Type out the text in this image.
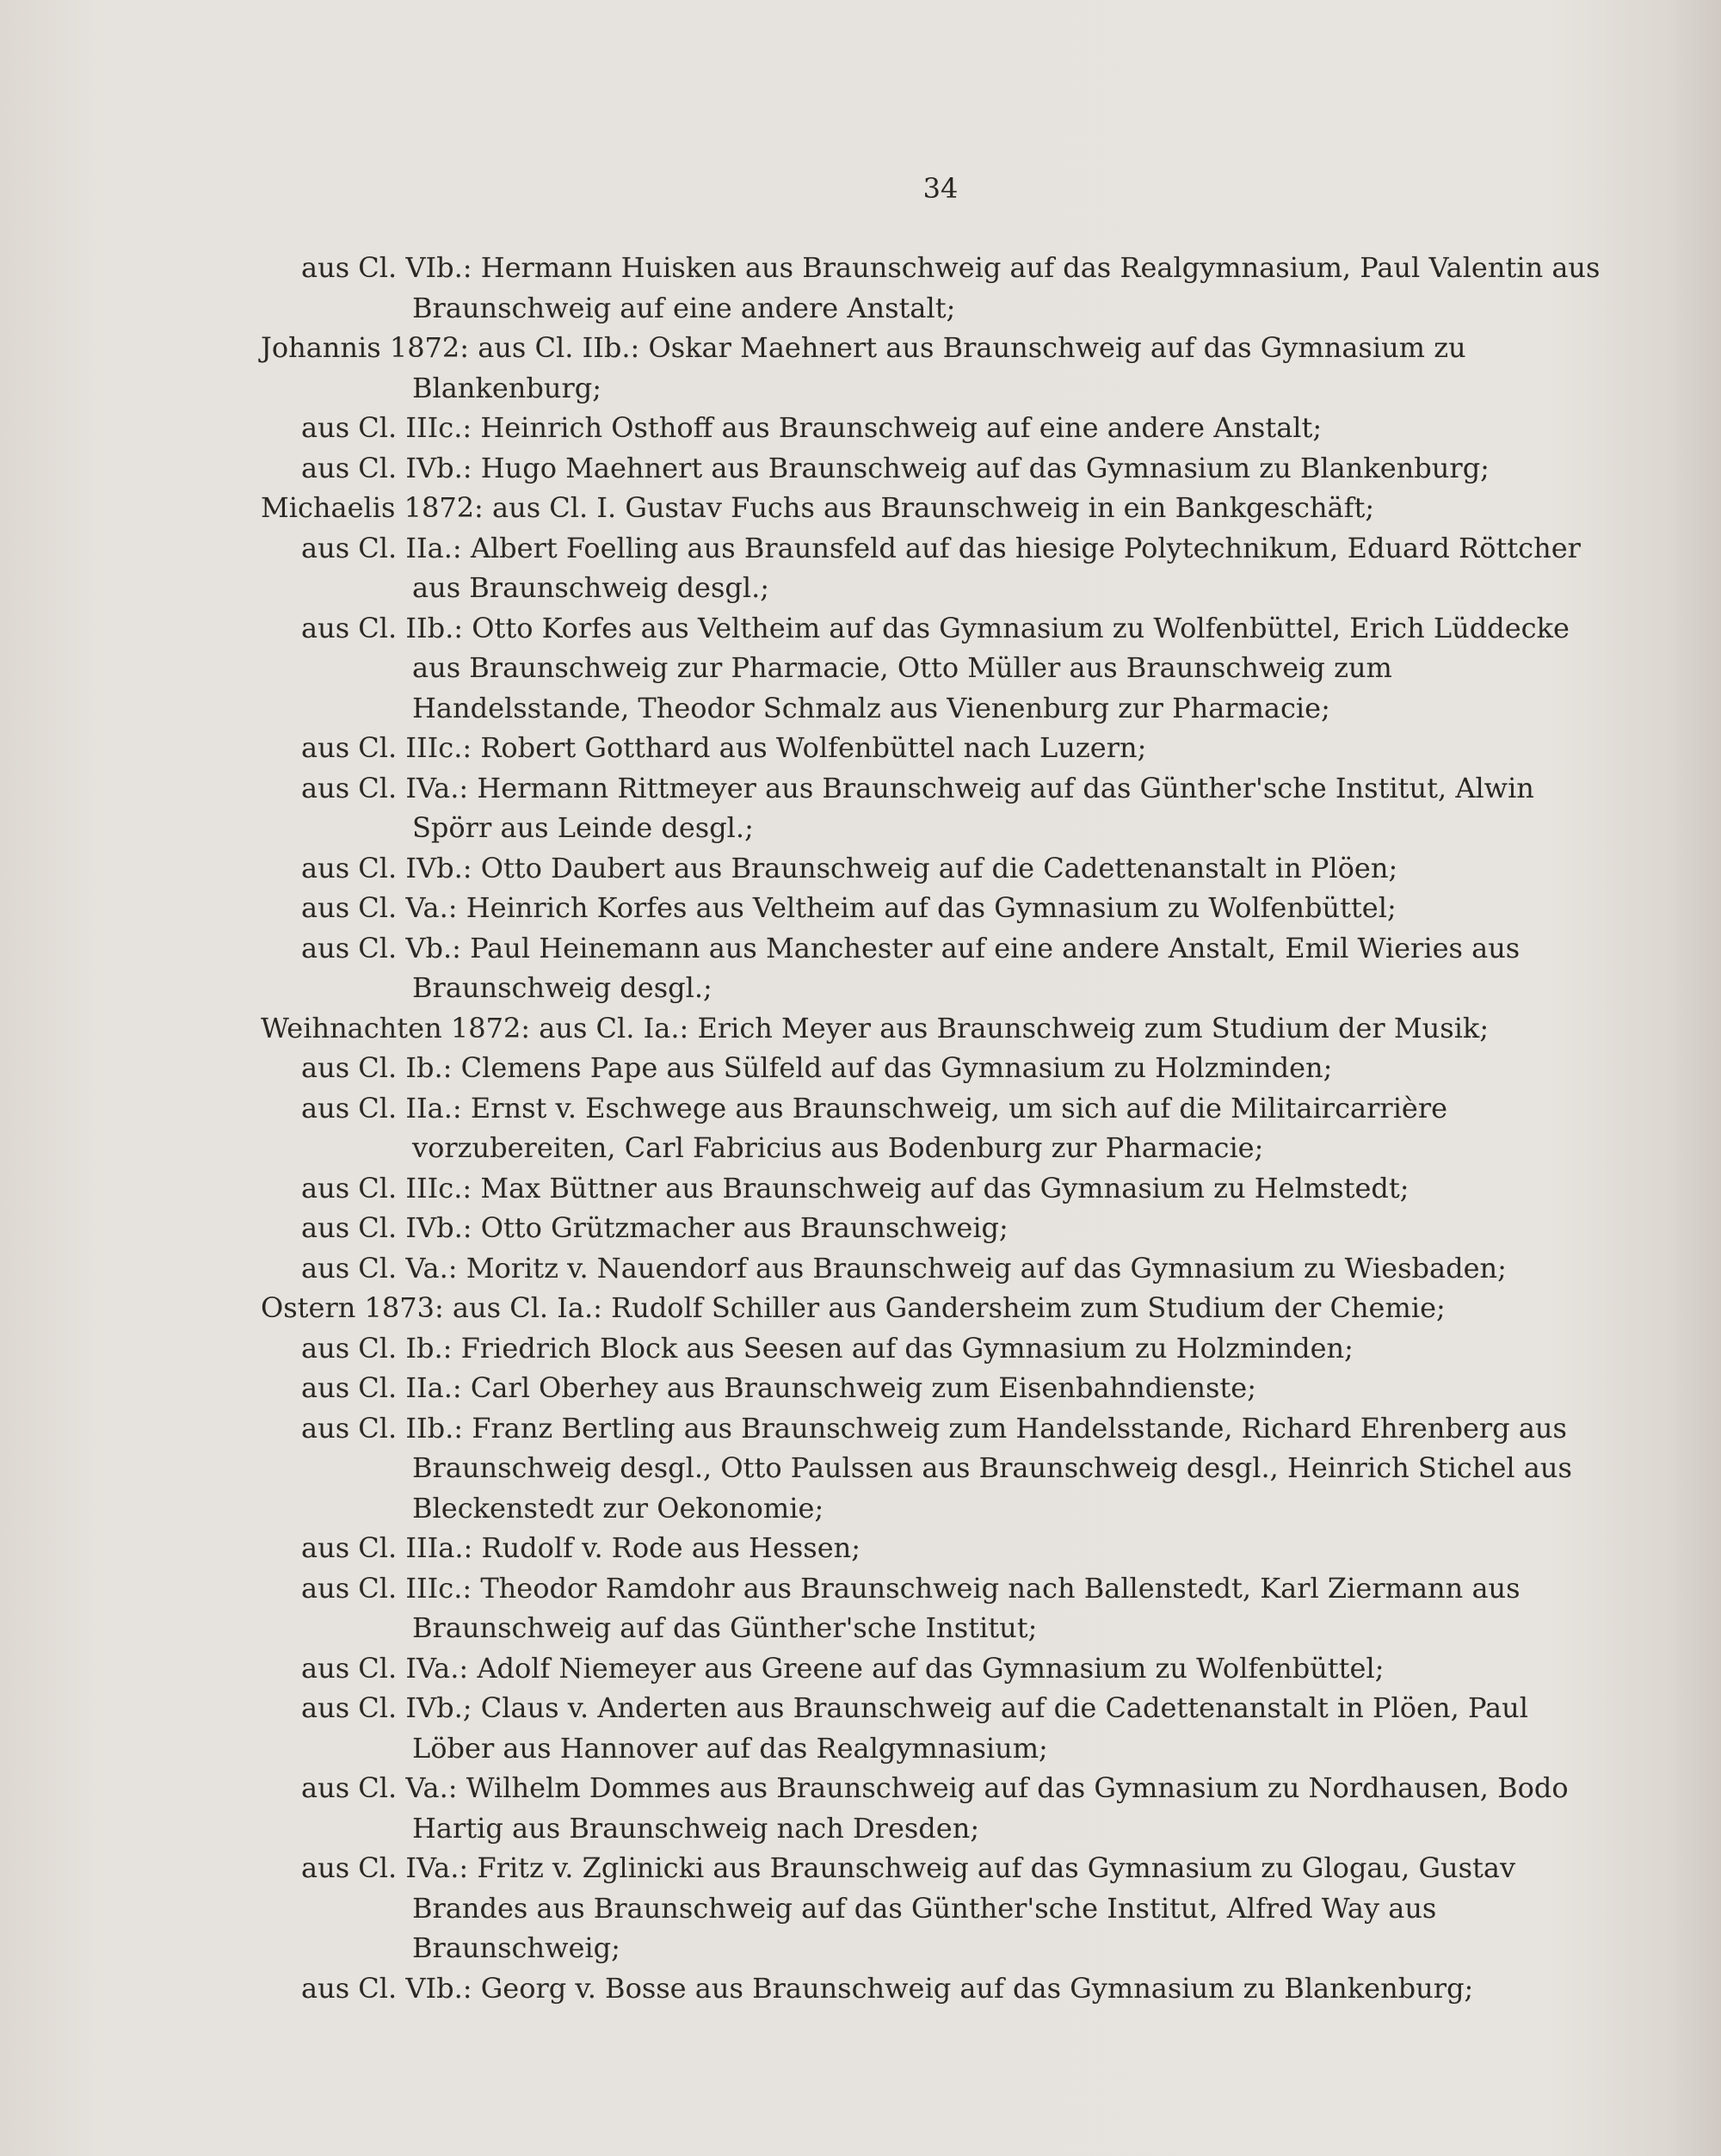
34

aus Cl. VIb.: Hermann Huisken aus Braunschweig auf das Realgymnasium, Paul Valentin aus Braunschweig auf eine andere Anstalt;

Johannis 1872: aus Cl. IIb.: Oskar Maehnert aus Braunschweig auf das Gymnasium zu Blankenburg;

aus Cl. IIIc.: Heinrich Osthoff aus Braunschweig auf eine andere Anstalt;

aus Cl. IVb.: Hugo Maehnert aus Braunschweig auf das Gymnasium zu Blankenburg;

Michaelis 1872: aus Cl. I. Gustav Fuchs aus Braunschweig in ein Bankgeschäft;

aus Cl. IIa.: Albert Foelling aus Braunsfeld auf das hiesige Polytechnikum, Eduard Röttcher aus Braunschweig desgl.;

aus Cl. IIb.: Otto Korfes aus Veltheim auf das Gymnasium zu Wolfenbüttel, Erich Lüddecke aus Braunschweig zur Pharmacie, Otto Müller aus Braunschweig zum Handelsstande, Theodor Schmalz aus Vienenburg zur Pharmacie;

aus Cl. IIIc.: Robert Gotthard aus Wolfenbüttel nach Luzern;

aus Cl. IVa.: Hermann Rittmeyer aus Braunschweig auf das Günther'sche Institut, Alwin Spörr aus Leinde desgl.;

aus Cl. IVb.: Otto Daubert aus Braunschweig auf die Cadettenanstalt in Plöen;

aus Cl. Va.: Heinrich Korfes aus Veltheim auf das Gymnasium zu Wolfenbüttel;

aus Cl. Vb.: Paul Heinemann aus Manchester auf eine andere Anstalt, Emil Wieries aus Braunschweig desgl.;

Weihnachten 1872: aus Cl. Ia.: Erich Meyer aus Braunschweig zum Studium der Musik;

aus Cl. Ib.: Clemens Pape aus Sülfeld auf das Gymnasium zu Holzminden;

aus Cl. IIa.: Ernst v. Eschwege aus Braunschweig, um sich auf die Militaircarrière vorzubereiten, Carl Fabricius aus Bodenburg zur Pharmacie;

aus Cl. IIIc.: Max Büttner aus Braunschweig auf das Gymnasium zu Helmstedt;

aus Cl. IVb.: Otto Grützmacher aus Braunschweig;

aus Cl. Va.: Moritz v. Nauendorf aus Braunschweig auf das Gymnasium zu Wiesbaden;

Ostern 1873: aus Cl. Ia.: Rudolf Schiller aus Gandersheim zum Studium der Chemie;

aus Cl. Ib.: Friedrich Block aus Seesen auf das Gymnasium zu Holzminden;

aus Cl. IIa.: Carl Oberhey aus Braunschweig zum Eisenbahndienste;

aus Cl. IIb.: Franz Bertling aus Braunschweig zum Handelsstande, Richard Ehrenberg aus Braunschweig desgl., Otto Paulssen aus Braunschweig desgl., Heinrich Stichel aus Bleckenstedt zur Oekonomie;

aus Cl. IIIa.: Rudolf v. Rode aus Hessen;

aus Cl. IIIc.: Theodor Ramdohr aus Braunschweig nach Ballenstedt, Karl Ziermann aus Braunschweig auf das Günther'sche Institut;

aus Cl. IVa.: Adolf Niemeyer aus Greene auf das Gymnasium zu Wolfenbüttel;

aus Cl. IVb.; Claus v. Anderten aus Braunschweig auf die Cadettenanstalt in Plöen, Paul Löber aus Hannover auf das Realgymnasium;

aus Cl. Va.: Wilhelm Dommes aus Braunschweig auf das Gymnasium zu Nordhausen, Bodo Hartig aus Braunschweig nach Dresden;

aus Cl. IVa.: Fritz v. Zglinicki aus Braunschweig auf das Gymnasium zu Glogau, Gustav Brandes aus Braunschweig auf das Günther'sche Institut, Alfred Way aus Braunschweig;

aus Cl. VIb.: Georg v. Bosse aus Braunschweig auf das Gymnasium zu Blankenburg;
